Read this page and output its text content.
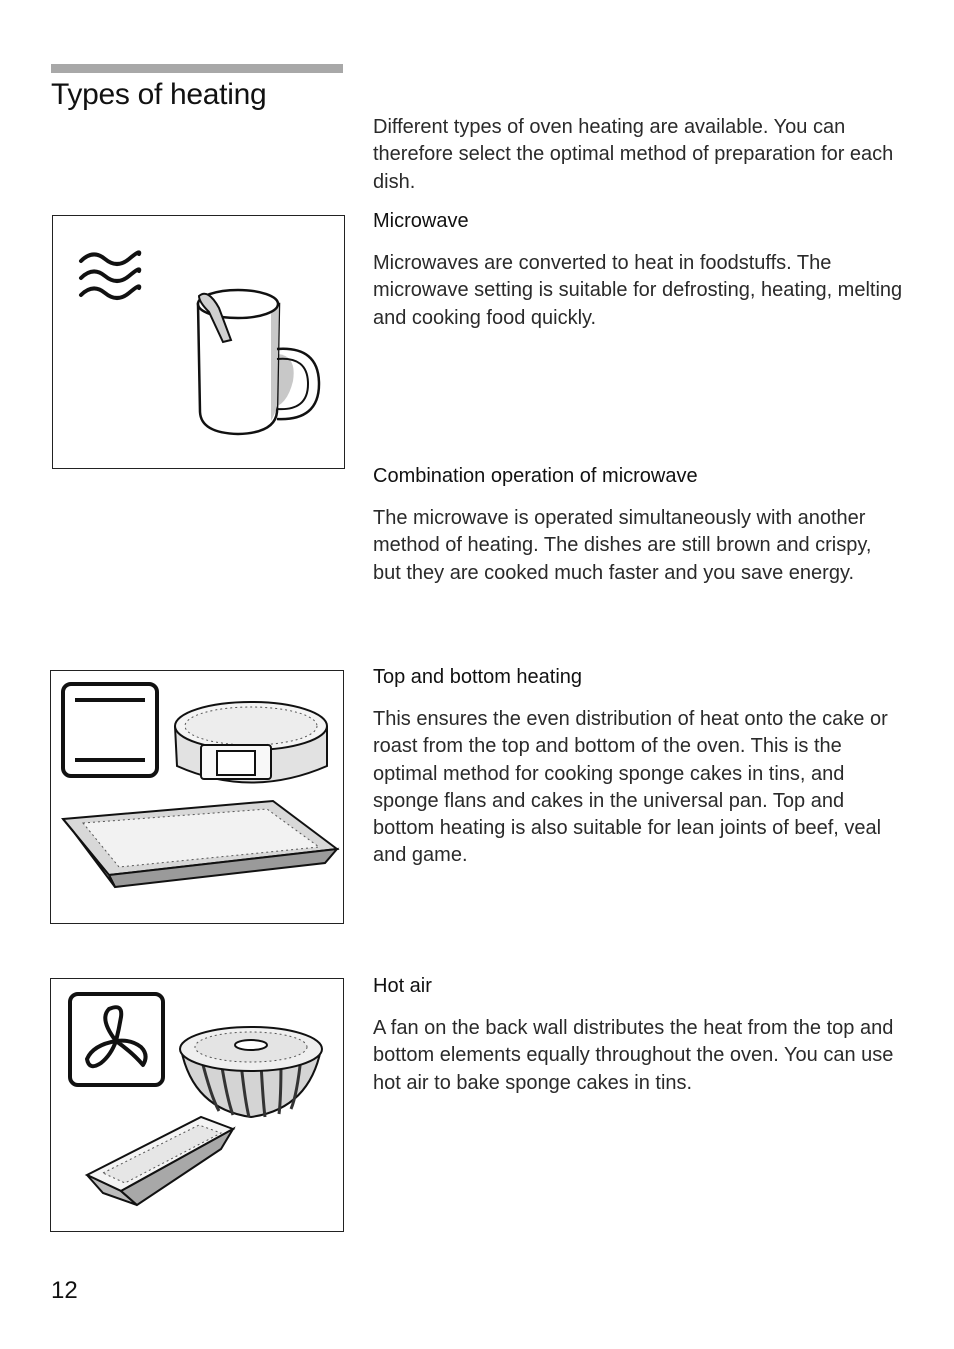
Types of heating

Different types of oven heating are available. You can therefore select the optimal method of preparation for each dish.

Microwave

Microwaves are converted to heat in foodstuffs. The microwave setting is suitable for defrosting, heating, melting and cooking food quickly.

Combination operation of microwave

The microwave is operated simultaneously with another method of heating. The dishes are still brown and crispy, but they are cooked much faster and you save energy.

Top and bottom heating

This ensures the even distribution of heat onto the cake or roast from the top and bottom of the oven. This is the optimal method for cooking sponge cakes in tins, and sponge flans and cakes in the universal pan. Top and bottom heating is also suitable for lean joints of beef, veal and game.

Hot air

A fan on the back wall distributes the heat from the top and bottom elements equally throughout the oven. You can use hot air to bake sponge cakes in tins.

12
